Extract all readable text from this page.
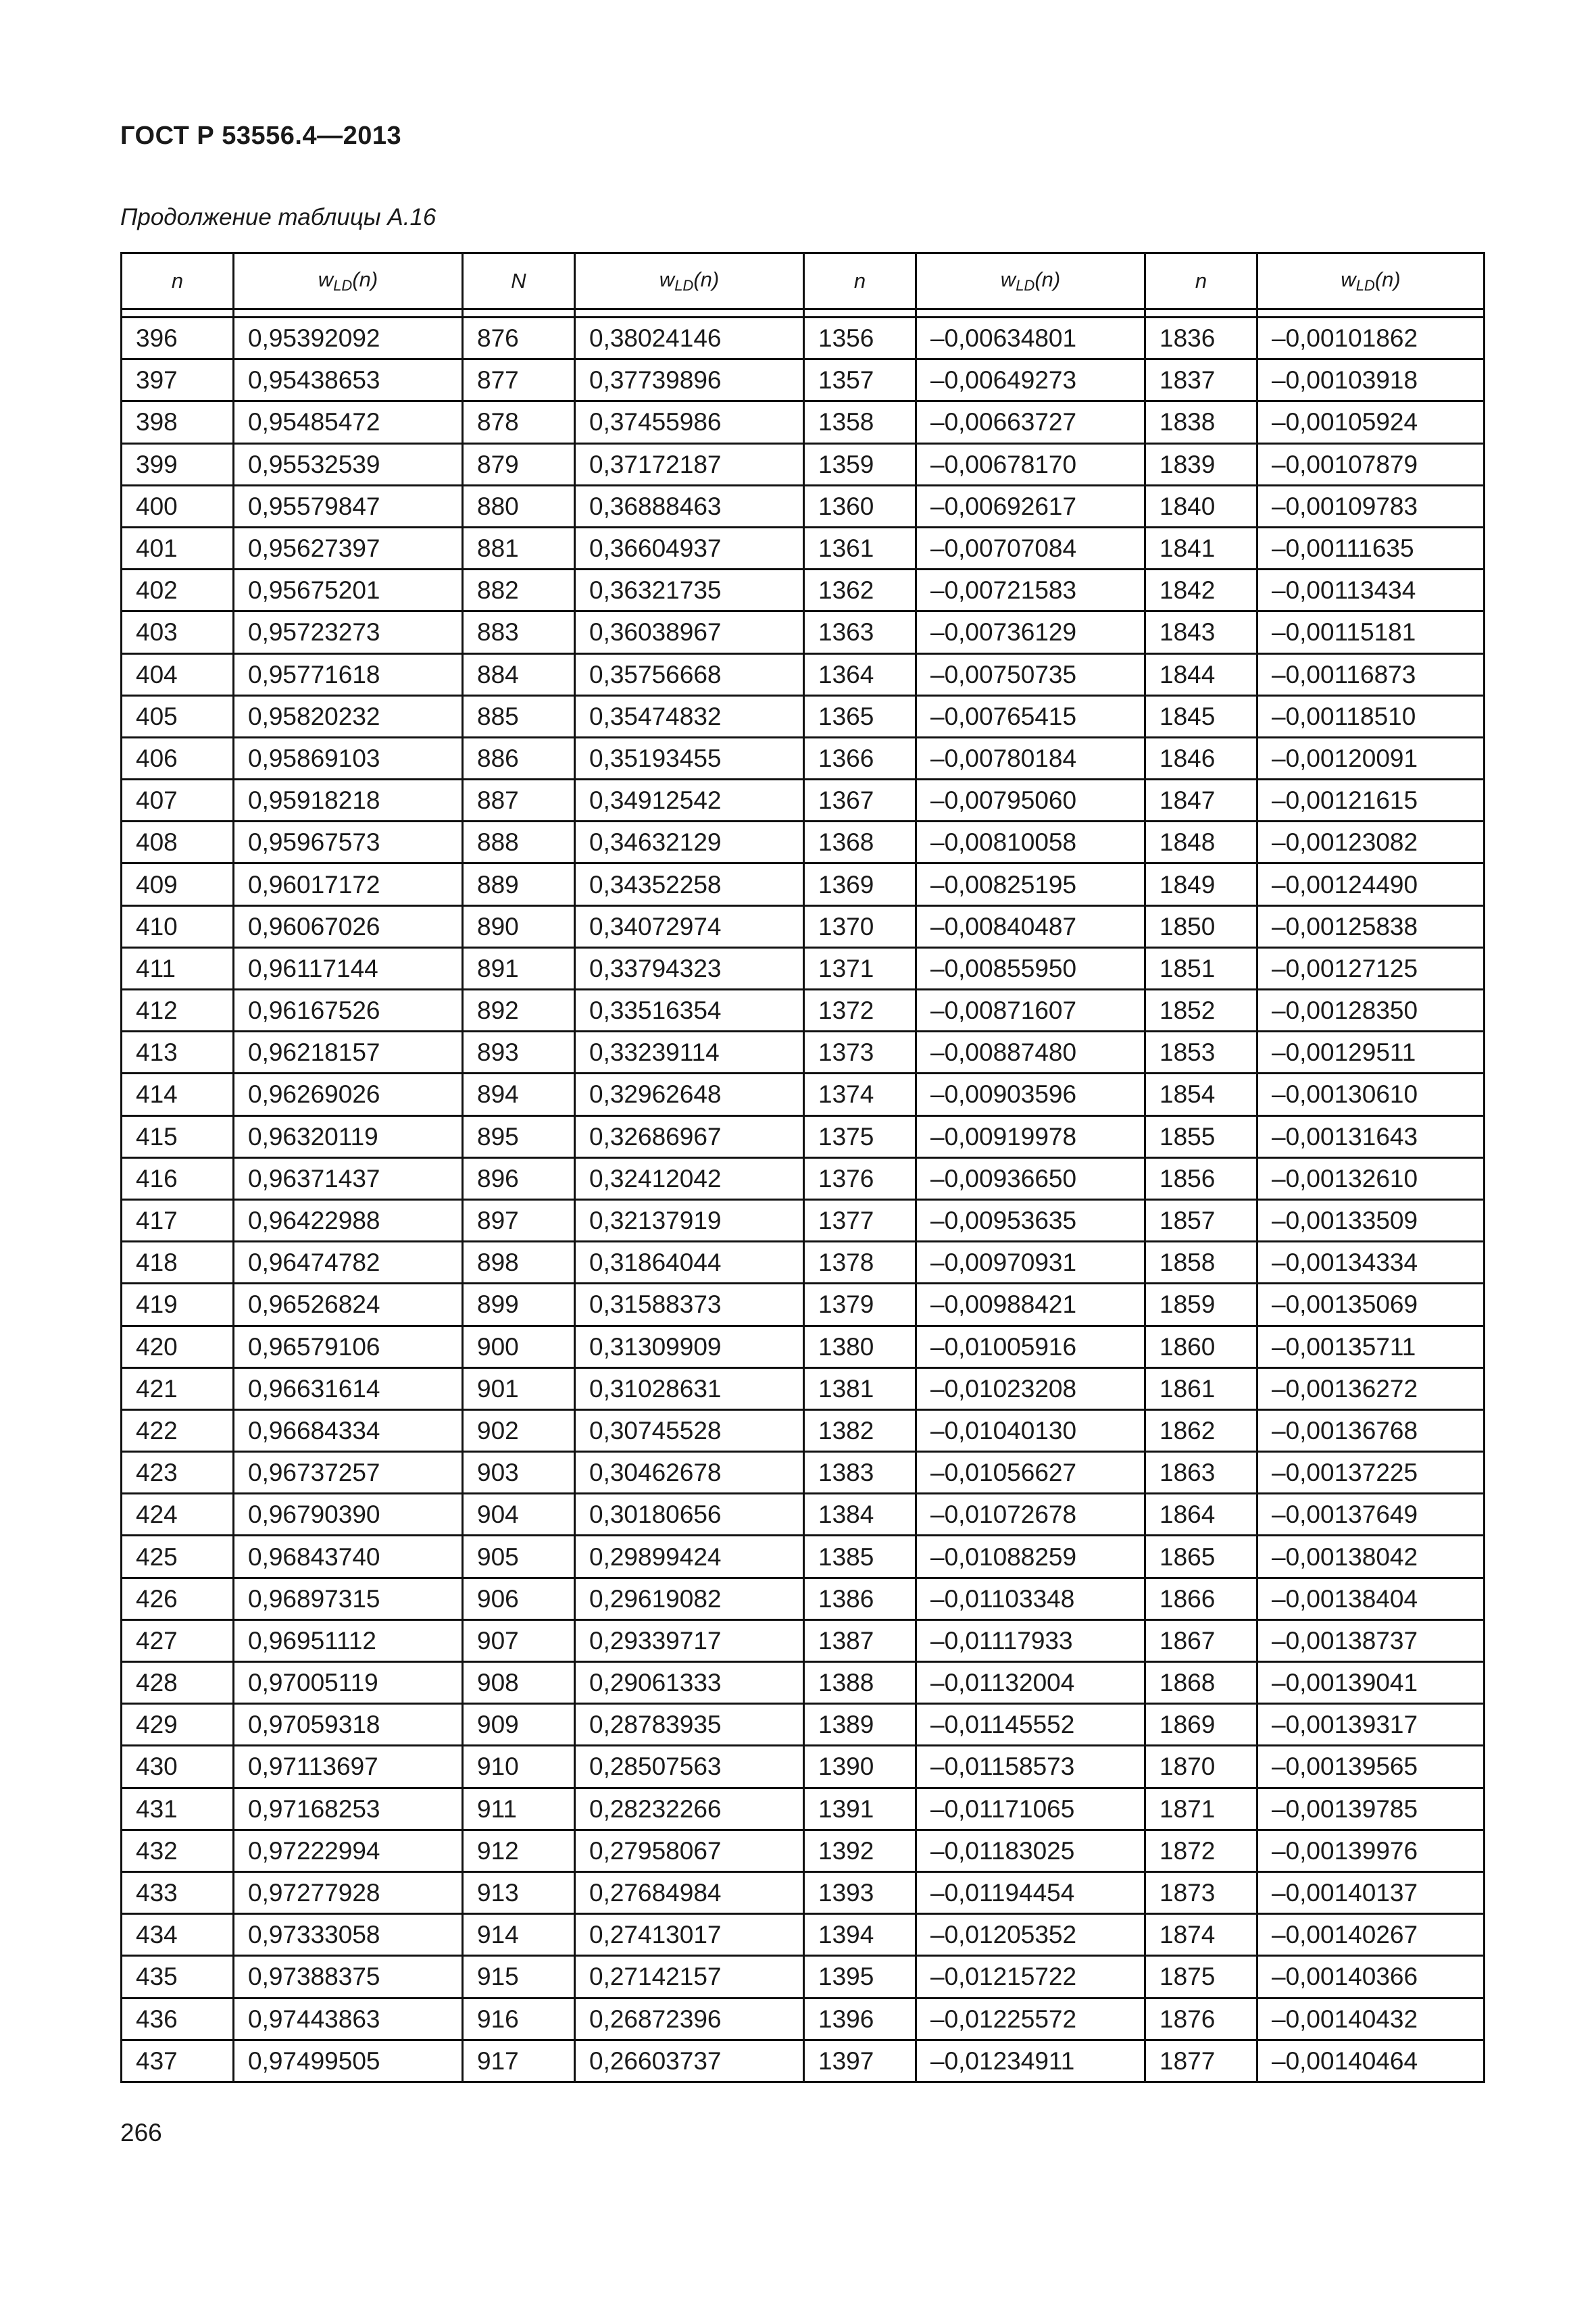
ГОСТ Р 53556.4—2013
Продолжение таблицы А.16
n	$w_{LD}(n)$	N	$w_{LD}(n)$	n	$w_{LD}(n)$	n	$w_{LD}(n)$

396	0,95392092	876	0,38024146	1356	–0,00634801	1836	–0,00101862
397	0,95438653	877	0,37739896	1357	–0,00649273	1837	–0,00103918
398	0,95485472	878	0,37455986	1358	–0,00663727	1838	–0,00105924
399	0,95532539	879	0,37172187	1359	–0,00678170	1839	–0,00107879
400	0,95579847	880	0,36888463	1360	–0,00692617	1840	–0,00109783
401	0,95627397	881	0,36604937	1361	–0,00707084	1841	–0,00111635
402	0,95675201	882	0,36321735	1362	–0,00721583	1842	–0,00113434
403	0,95723273	883	0,36038967	1363	–0,00736129	1843	–0,00115181
404	0,95771618	884	0,35756668	1364	–0,00750735	1844	–0,00116873
405	0,95820232	885	0,35474832	1365	–0,00765415	1845	–0,00118510
406	0,95869103	886	0,35193455	1366	–0,00780184	1846	–0,00120091
407	0,95918218	887	0,34912542	1367	–0,00795060	1847	–0,00121615
408	0,95967573	888	0,34632129	1368	–0,00810058	1848	–0,00123082
409	0,96017172	889	0,34352258	1369	–0,00825195	1849	–0,00124490
410	0,96067026	890	0,34072974	1370	–0,00840487	1850	–0,00125838
411	0,96117144	891	0,33794323	1371	–0,00855950	1851	–0,00127125
412	0,96167526	892	0,33516354	1372	–0,00871607	1852	–0,00128350
413	0,96218157	893	0,33239114	1373	–0,00887480	1853	–0,00129511
414	0,96269026	894	0,32962648	1374	–0,00903596	1854	–0,00130610
415	0,96320119	895	0,32686967	1375	–0,00919978	1855	–0,00131643
416	0,96371437	896	0,32412042	1376	–0,00936650	1856	–0,00132610
417	0,96422988	897	0,32137919	1377	–0,00953635	1857	–0,00133509
418	0,96474782	898	0,31864044	1378	–0,00970931	1858	–0,00134334
419	0,96526824	899	0,31588373	1379	–0,00988421	1859	–0,00135069
420	0,96579106	900	0,31309909	1380	–0,01005916	1860	–0,00135711
421	0,96631614	901	0,31028631	1381	–0,01023208	1861	–0,00136272
422	0,96684334	902	0,30745528	1382	–0,01040130	1862	–0,00136768
423	0,96737257	903	0,30462678	1383	–0,01056627	1863	–0,00137225
424	0,96790390	904	0,30180656	1384	–0,01072678	1864	–0,00137649
425	0,96843740	905	0,29899424	1385	–0,01088259	1865	–0,00138042
426	0,96897315	906	0,29619082	1386	–0,01103348	1866	–0,00138404
427	0,96951112	907	0,29339717	1387	–0,01117933	1867	–0,00138737
428	0,97005119	908	0,29061333	1388	–0,01132004	1868	–0,00139041
429	0,97059318	909	0,28783935	1389	–0,01145552	1869	–0,00139317
430	0,97113697	910	0,28507563	1390	–0,01158573	1870	–0,00139565
431	0,97168253	911	0,28232266	1391	–0,01171065	1871	–0,00139785
432	0,97222994	912	0,27958067	1392	–0,01183025	1872	–0,00139976
433	0,97277928	913	0,27684984	1393	–0,01194454	1873	–0,00140137
434	0,97333058	914	0,27413017	1394	–0,01205352	1874	–0,00140267
435	0,97388375	915	0,27142157	1395	–0,01215722	1875	–0,00140366
436	0,97443863	916	0,26872396	1396	–0,01225572	1876	–0,00140432
437	0,97499505	917	0,26603737	1397	–0,01234911	1877	–0,00140464
266
